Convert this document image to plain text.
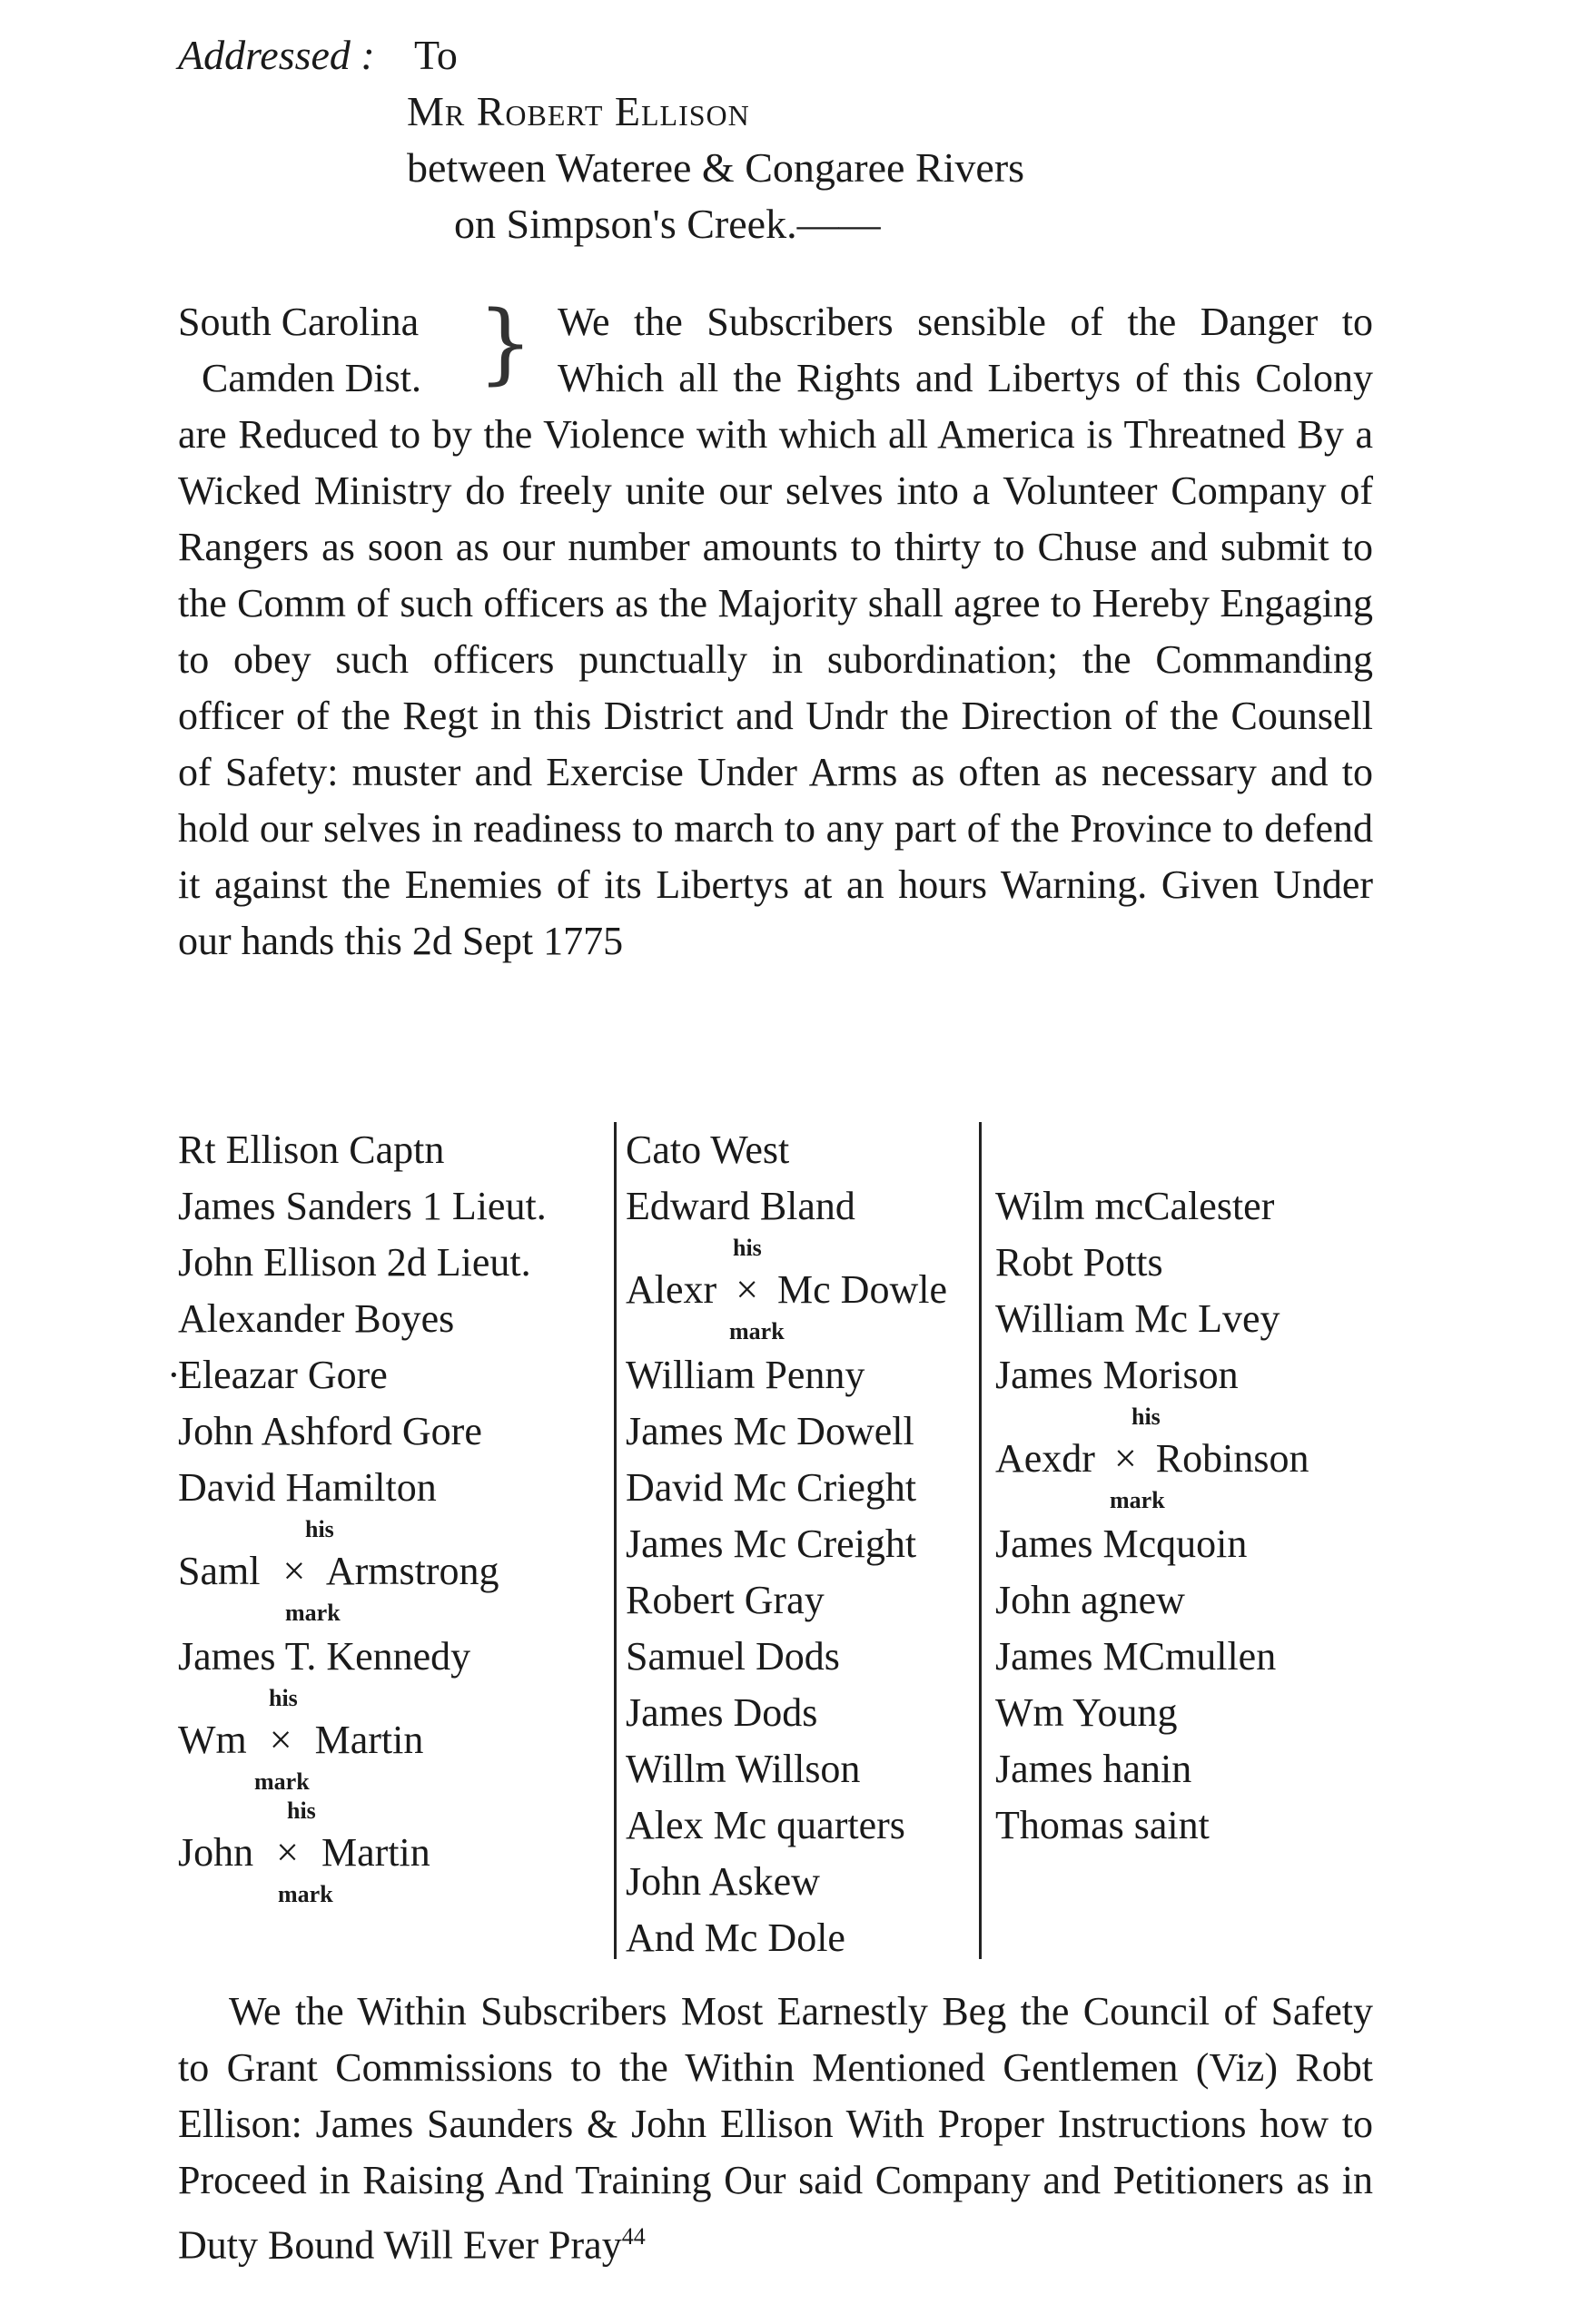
Addressed : To
Mr Robert Ellison
between Wateree & Congaree Rivers
on Simpson's Creek.——
South Carolina
Camden Dist. } We the Subscribers sensible of the Danger to Which all the Rights and Libertys of this Colony are Reduced to by the Violence with which all America is Threatned By a Wicked Ministry do freely unite our selves into a Volunteer Company of Rangers as soon as our number amounts to thirty to Chuse and submit to the Comm of such officers as the Majority shall agree to Hereby Engaging to obey such officers punctually in subordination; the Commanding officer of the Regt in this District and Undr the Direction of the Counsell of Safety: muster and Exercise Under Arms as often as necessary and to hold our selves in readiness to march to any part of the Province to defend it against the Enemies of its Libertys at an hours Warning. Given Under our hands this 2d Sept 1775

Rt Ellison Captn
James Sanders 1 Lieut.
John Ellison 2d Lieut.
Alexander Boyes
·Eleazar Gore
John Ashford Gore
David Hamilton
his
Saml × Armstrong
mark
James T. Kennedy
his
Wm × Martin
mark
his
John × Martin
mark
Cato West
Edward Bland
his
Alexr × Mc Dowle
mark
William Penny
James Mc Dowell
David Mc Crieght
James Mc Creight
Robert Gray
Samuel Dods
James Dods
Willm Willson
Alex Mc quarters
John Askew
And Mc Dole
Wilm mcCalester
Robt Potts
William Mc Lvey
James Morison
his
Aexdr × Robinson
mark
James Mcquoin
John agnew
James MCmullen
Wm Young
James hanin
Thomas saint

We the Within Subscribers Most Earnestly Beg the Council of Safety to Grant Commissions to the Within Mentioned Gentlemen (Viz) Robt Ellison: James Saunders & John Ellison With Proper Instructions how to Proceed in Raising And Training Our said Company and Petitioners as in Duty Bound Will Ever Pray$^{44}$
